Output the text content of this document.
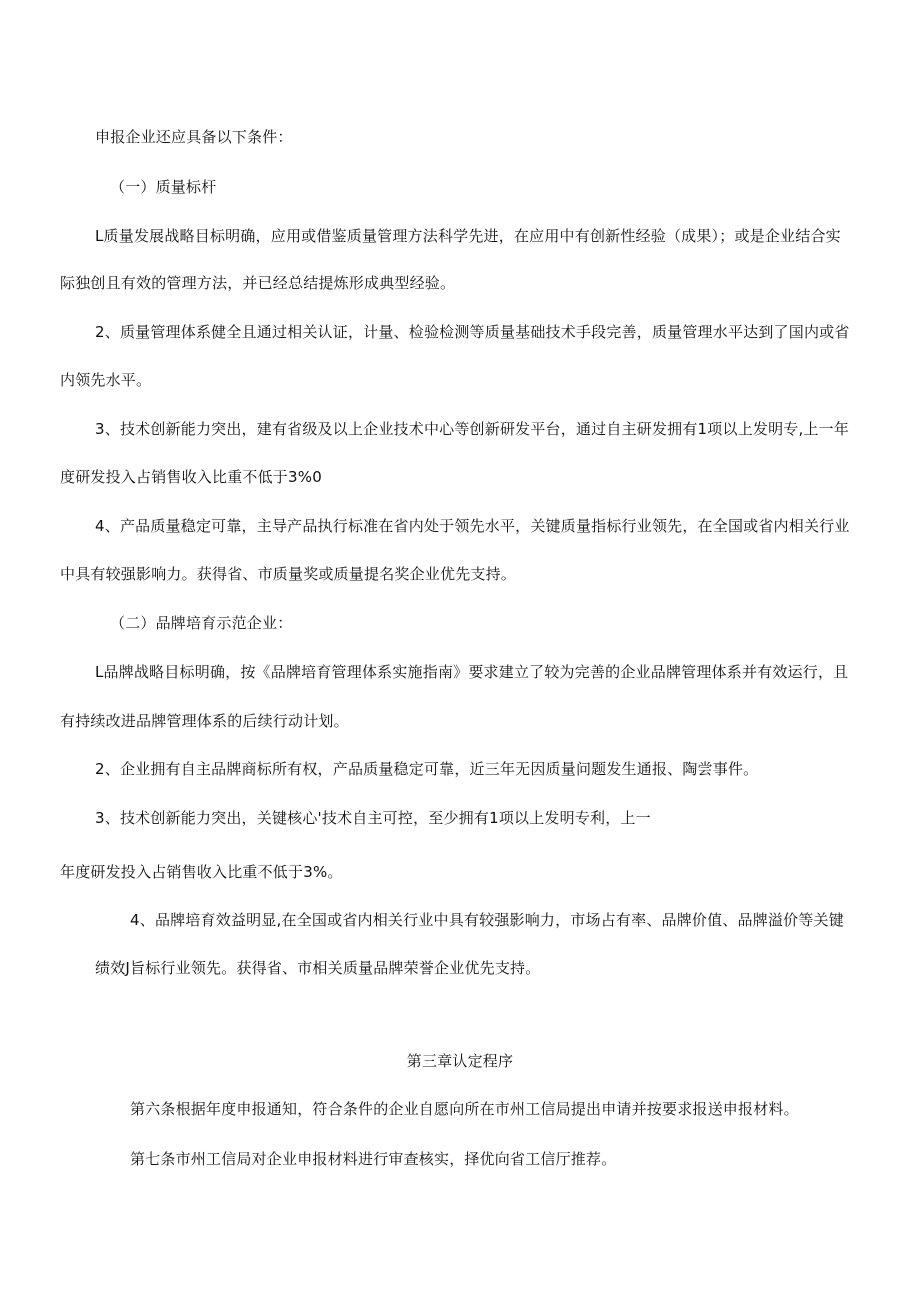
申报企业还应具备以下条件：
（一）质量标杆
L质量发展战略目标明确，应用或借鉴质量管理方法科学先进，在应用中有创新性经验（成果）；或是企业结合实
际独创且有效的管理方法，并已经总结提炼形成典型经验。
2、质量管理体系健全且通过相关认证，计量、检验检测等质量基础技术手段完善，质量管理水平达到了国内或省
内领先水平。
3、技术创新能力突出，建有省级及以上企业技术中心等创新研发平台，通过自主研发拥有1项以上发明专,上一年
度研发投入占销售收入比重不低于3%0
4、产品质量稳定可靠，主导产品执行标准在省内处于领先水平，关键质量指标行业领先，在全国或省内相关行业
中具有较强影响力。获得省、市质量奖或质量提名奖企业优先支持。
（二）品牌培育示范企业：
L品牌战略目标明确，按《品牌培育管理体系实施指南》要求建立了较为完善的企业品牌管理体系并有效运行，且
有持续改进品牌管理体系的后续行动计划。
2、企业拥有自主品牌商标所有权，产品质量稳定可靠，近三年无因质量问题发生通报、陶尝事件。
3、技术创新能力突出，关键核心'技术自主可控，至少拥有1项以上发明专利，上一
年度研发投入占销售收入比重不低于3%。
4、品牌培育效益明显,在全国或省内相关行业中具有较强影响力，市场占有率、品牌价值、品牌溢价等关键
绩效J旨标行业领先。获得省、市相关质量品牌荣誉企业优先支持。
第三章认定程序
第六条根据年度申报通知，符合条件的企业自愿向所在市州工信局提出申请并按要求报送申报材料。
第七条市州工信局对企业申报材料进行审查核实，择优向省工信厅推荐。
